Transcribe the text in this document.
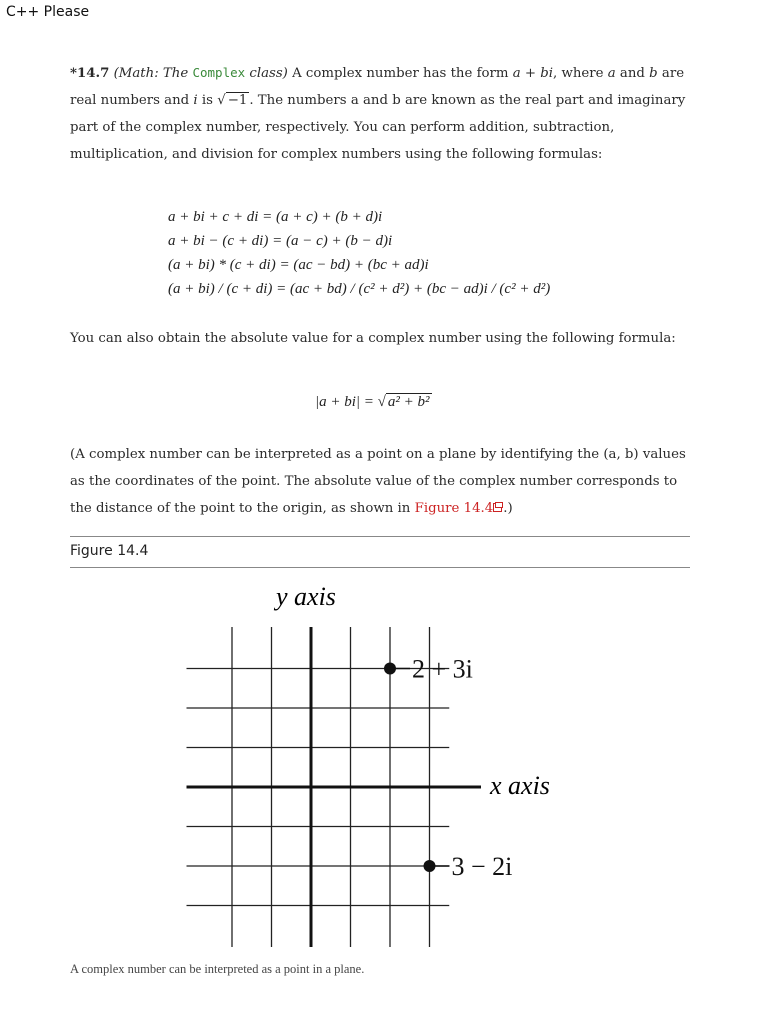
C++ Please
*14.7 (Math: The Complex class) A complex number has the form a + bi, where a and b are
real numbers and i is √ −1 . The numbers a and b are known as the real part and imaginary
part of the complex number, respectively. You can perform addition, subtraction,
multiplication, and division for complex numbers using the following formulas:
a + bi + c + di = (a + c) + (b + d)i
a + bi − (c + di) = (a − c) + (b − d)i
(a + bi) * (c + di) = (ac − bd) + (bc + ad)i
(a + bi) / (c + di) = (ac + bd) / (c² + d²) + (bc − ad)i / (c² + d²)
You can also obtain the absolute value for a complex number using the following formula:
|a + bi| = √ a² + b²
(A complex number can be interpreted as a point on a plane by identifying the (a, b) values
as the coordinates of the point. The absolute value of the complex number corresponds to
the distance of the point to the origin, as shown in Figure 14.4 .)
Figure 14.4
2 + 3i
3 − 2i
y axis
x axis
A complex number can be interpreted as a point in a plane.
